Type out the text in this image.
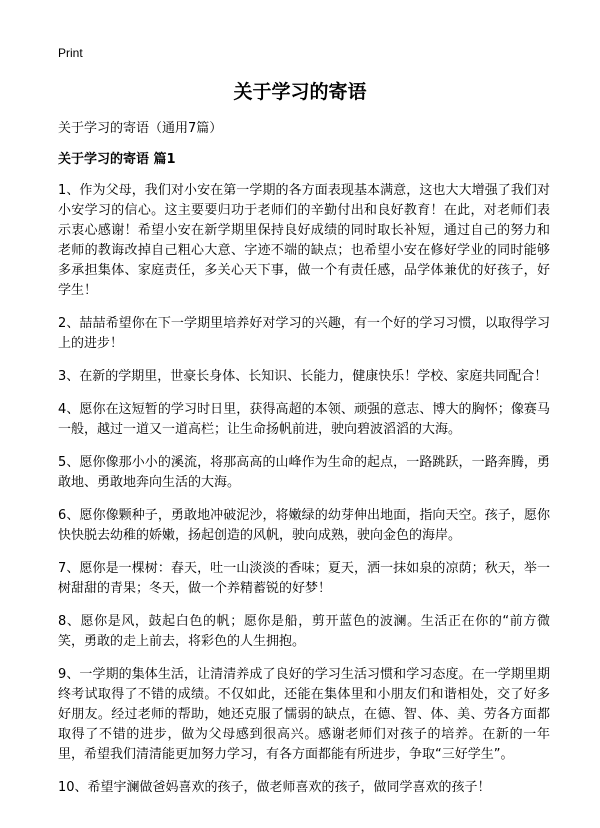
Print
关于学习的寄语

关于学习的寄语（通用7篇）

关于学习的寄语 篇1

1、作为父母，我们对小安在第一学期的各方面表现基本满意，这也大大增强了我们对小安学习的信心。这主要要归功于老师们的辛勤付出和良好教育！在此，对老师们表示衷心感谢！希望小安在新学期里保持良好成绩的同时取长补短，通过自己的努力和老师的教诲改掉自己粗心大意、字迹不端的缺点；也希望小安在修好学业的同时能够多承担集体、家庭责任，多关心天下事，做一个有责任感，品学体兼优的好孩子，好学生！

2、喆喆希望你在下一学期里培养好对学习的兴趣，有一个好的学习习惯，以取得学习上的进步！

3、在新的学期里，世豪长身体、长知识、长能力，健康快乐！学校、家庭共同配合！

4、愿你在这短暂的学习时日里，获得高超的本领、顽强的意志、博大的胸怀；像赛马一般，越过一道又一道高栏；让生命扬帆前进，驶向碧波滔滔的大海。

5、愿你像那小小的溪流，将那高高的山峰作为生命的起点，一路跳跃，一路奔腾，勇敢地、勇敢地奔向生活的大海。

6、愿你像颗种子，勇敢地冲破泥沙，将嫩绿的幼芽伸出地面，指向天空。孩子，愿你快快脱去幼稚的娇嫩，扬起创造的风帆，驶向成熟，驶向金色的海岸。

7、愿你是一棵树：春天，吐一山淡淡的香味；夏天，洒一抹如泉的凉荫；秋天，举一树甜甜的青果；冬天，做一个养精蓄锐的好梦！

8、愿你是风，鼓起白色的帆；愿你是船，剪开蓝色的波澜。生活正在你的“前方微笑，勇敢的走上前去，将彩色的人生拥抱。

9、一学期的集体生活，让清清养成了良好的学习生活习惯和学习态度。在一学期里期终考试取得了不错的成绩。不仅如此，还能在集体里和小朋友们和谐相处，交了好多好朋友。经过老师的帮助，她还克服了懦弱的缺点，在德、智、体、美、劳各方面都取得了不错的进步，做为父母感到很高兴。感谢老师们对孩子的培养。在新的一年里，希望我们清清能更加努力学习，有各方面都能有所进步，争取“三好学生”。

10、希望宇澜做爸妈喜欢的孩子，做老师喜欢的孩子，做同学喜欢的孩子！
